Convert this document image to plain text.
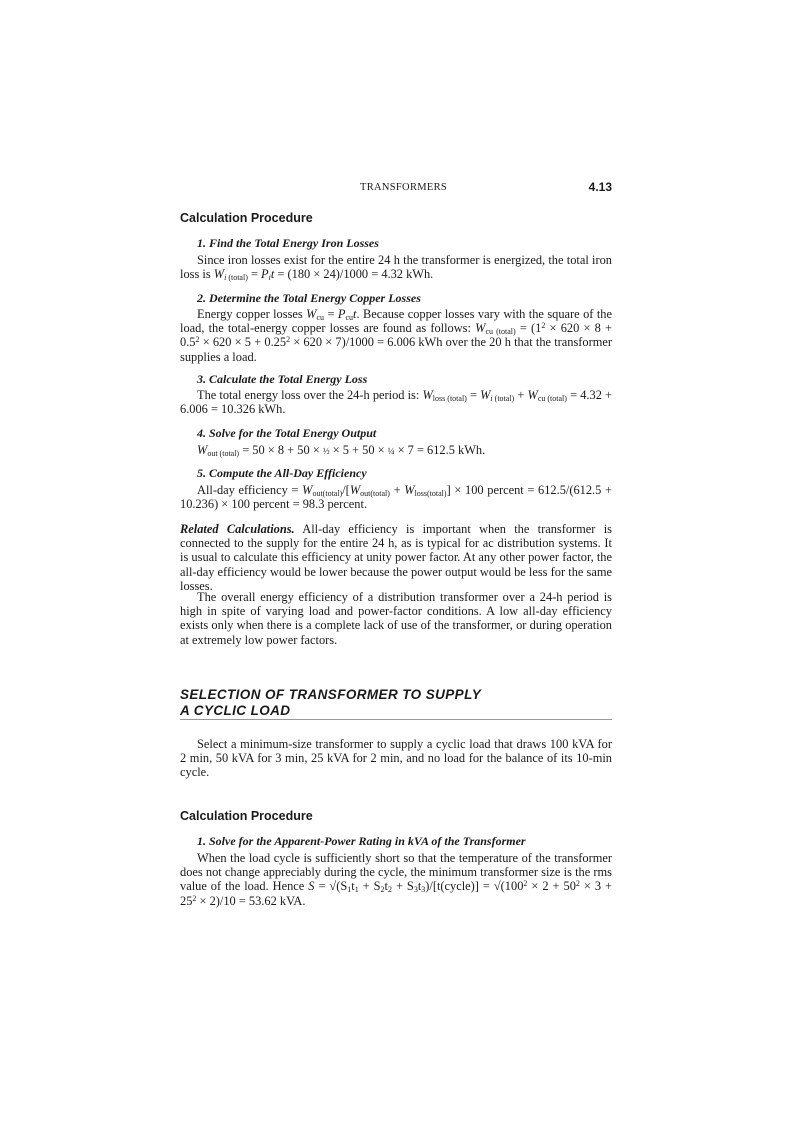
TRANSFORMERS	4.13
Calculation Procedure
1. Find the Total Energy Iron Losses
Since iron losses exist for the entire 24 h the transformer is energized, the total iron loss is $W_{i (total)} = P_it = (180 \times 24)/1000 = 4.32$ kWh.
2. Determine the Total Energy Copper Losses
Energy copper losses $W_{cu} = P_{cu}t$. Because copper losses vary with the square of the load, the total-energy copper losses are found as follows: $W_{cu (total)} = (1^2 \times 620 \times 8 + 0.5^2 \times 620 \times 5 + 0.25^2 \times 620 \times 7)/1000 = 6.006$ kWh over the 20 h that the transformer supplies a load.
3. Calculate the Total Energy Loss
The total energy loss over the 24-h period is: $W_{loss (total)} = W_{i (total)} + W_{cu (total)} = 4.32 + 6.006 = 10.326$ kWh.
4. Solve for the Total Energy Output
$W_{out (total)} = 50 \times 8 + 50$ × ½ × 5 + 50 × ¼ × 7 = 612.5 kWh.
5. Compute the All-Day Efficiency
All-day efficiency = $W_{out(total)}/[W_{out(total)} + W_{loss(total)}] \times 100$ percent = 612.5/(612.5 + 10.236) × 100 percent = 98.3 percent.
Related Calculations. All-day efficiency is important when the transformer is connected to the supply for the entire 24 h, as is typical for ac distribution systems. It is usual to calculate this efficiency at unity power factor. At any other power factor, the all-day efficiency would be lower because the power output would be less for the same losses.
The overall energy efficiency of a distribution transformer over a 24-h period is high in spite of varying load and power-factor conditions. A low all-day efficiency exists only when there is a complete lack of use of the transformer, or during operation at extremely low power factors.
SELECTION OF TRANSFORMER TO SUPPLY
A CYCLIC LOAD
Select a minimum-size transformer to supply a cyclic load that draws 100 kVA for 2 min, 50 kVA for 3 min, 25 kVA for 2 min, and no load for the balance of its 10-min cycle.
Calculation Procedure
1. Solve for the Apparent-Power Rating in kVA of the Transformer
When the load cycle is sufficiently short so that the temperature of the transformer does not change appreciably during the cycle, the minimum transformer size is the rms value of the load. Hence $S = √(S_1t_1 + S_2t_2$ + $S_3t_3)/[t(cycle)] = √(100^2 \times 2 + 50^2 \times 3 + 25^2 \times 2)/10 = 53.62$ kVA.
